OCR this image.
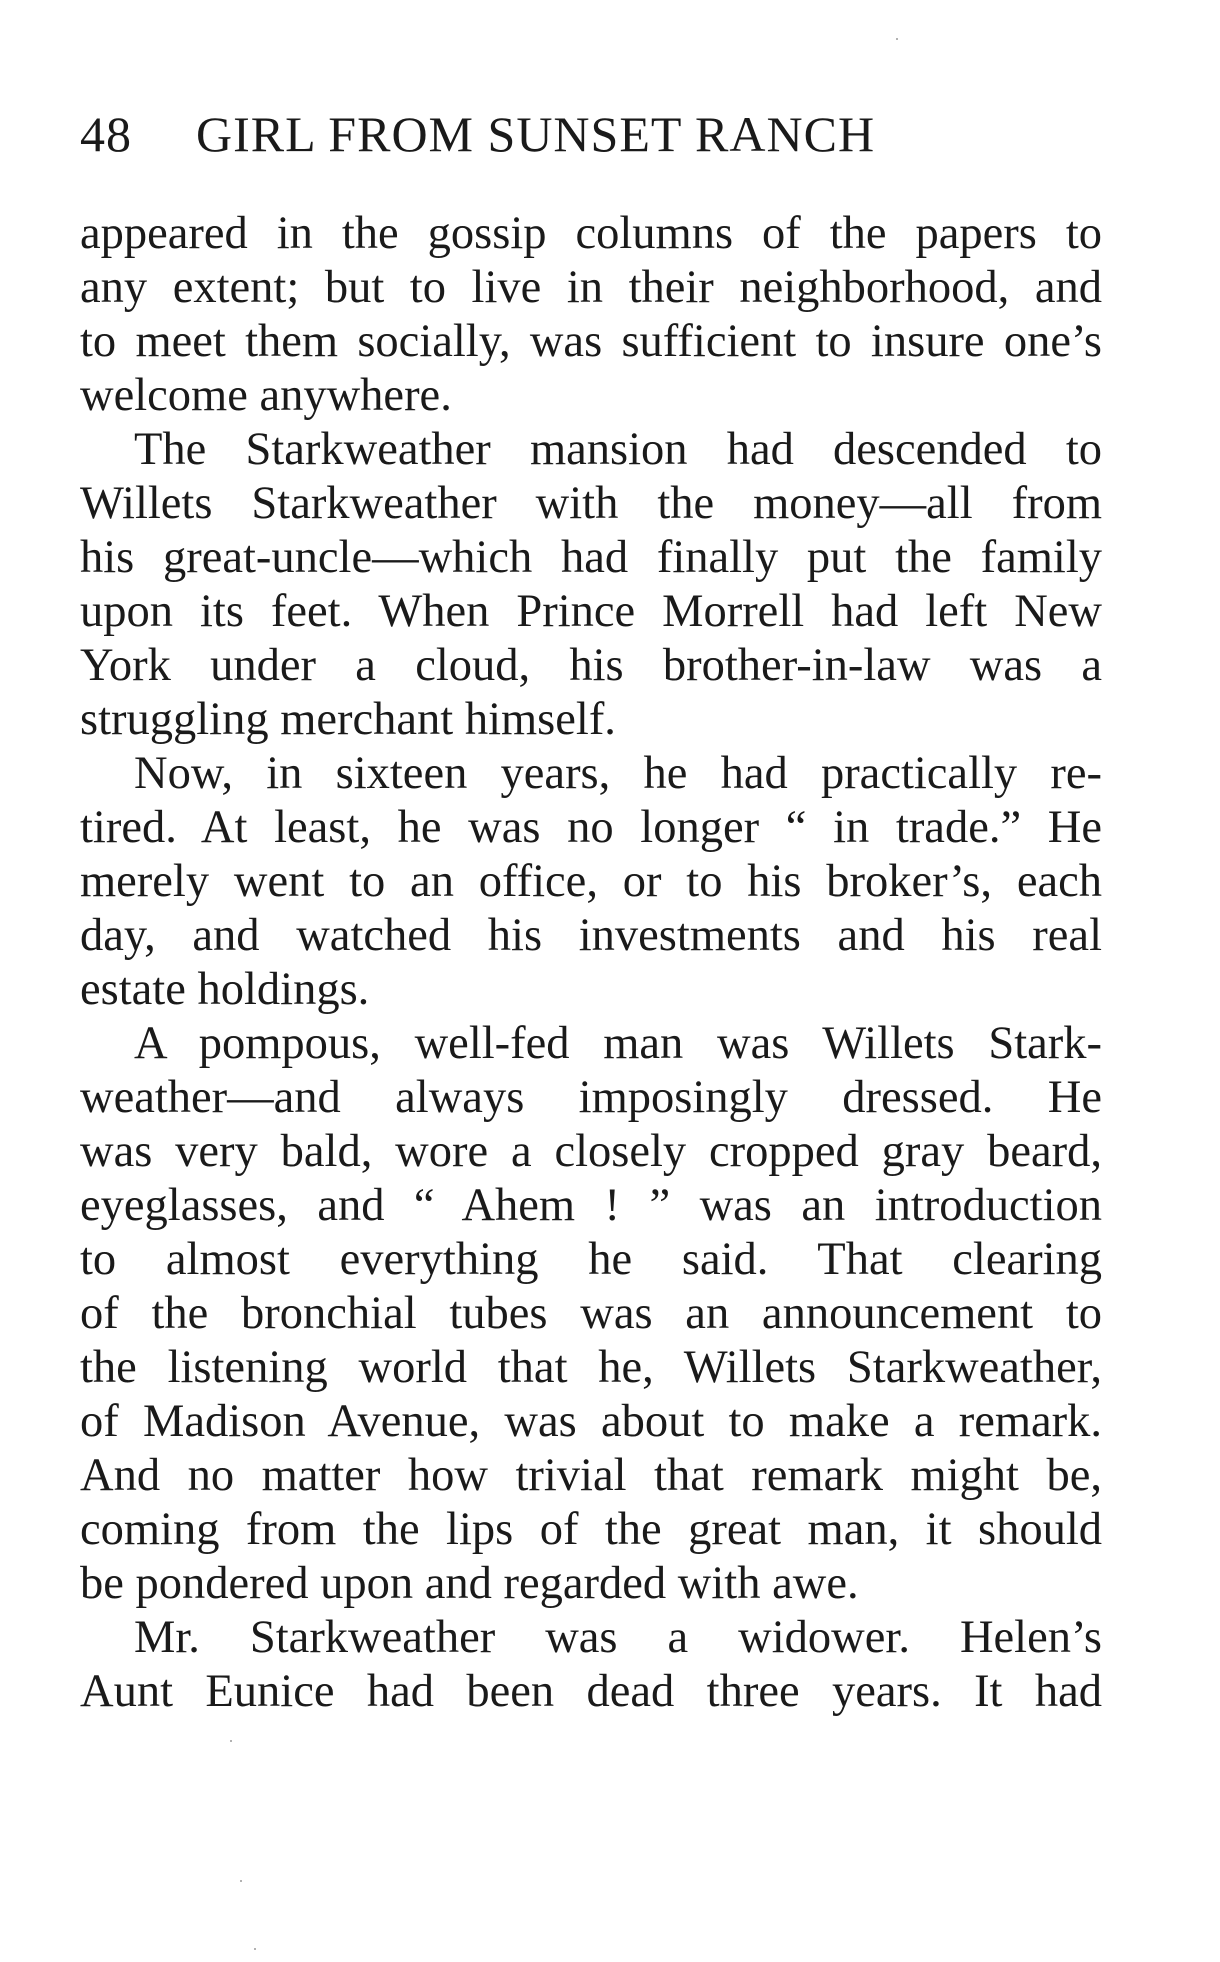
48 GIRL FROM SUNSET RANCH
appeared in the gossip columns of the papers to
any extent; but to live in their neighborhood, and
to meet them socially, was sufficient to insure one’s
welcome anywhere.
The Starkweather mansion had descended to
Willets Starkweather with the money—all from
his great-uncle—which had finally put the family
upon its feet. When Prince Morrell had left New
York under a cloud, his brother-in-law was a
struggling merchant himself.
Now, in sixteen years, he had practically re-
tired. At least, he was no longer “ in trade.” He
merely went to an office, or to his broker’s, each
day, and watched his investments and his real
estate holdings.
A pompous, well-fed man was Willets Stark-
weather—and always imposingly dressed. He
was very bald, wore a closely cropped gray beard,
eyeglasses, and “ Ahem ! ” was an introduction
to almost everything he said. That clearing
of the bronchial tubes was an announcement to
the listening world that he, Willets Starkweather,
of Madison Avenue, was about to make a remark.
And no matter how trivial that remark might be,
coming from the lips of the great man, it should
be pondered upon and regarded with awe.
Mr. Starkweather was a widower. Helen’s
Aunt Eunice had been dead three years. It had
